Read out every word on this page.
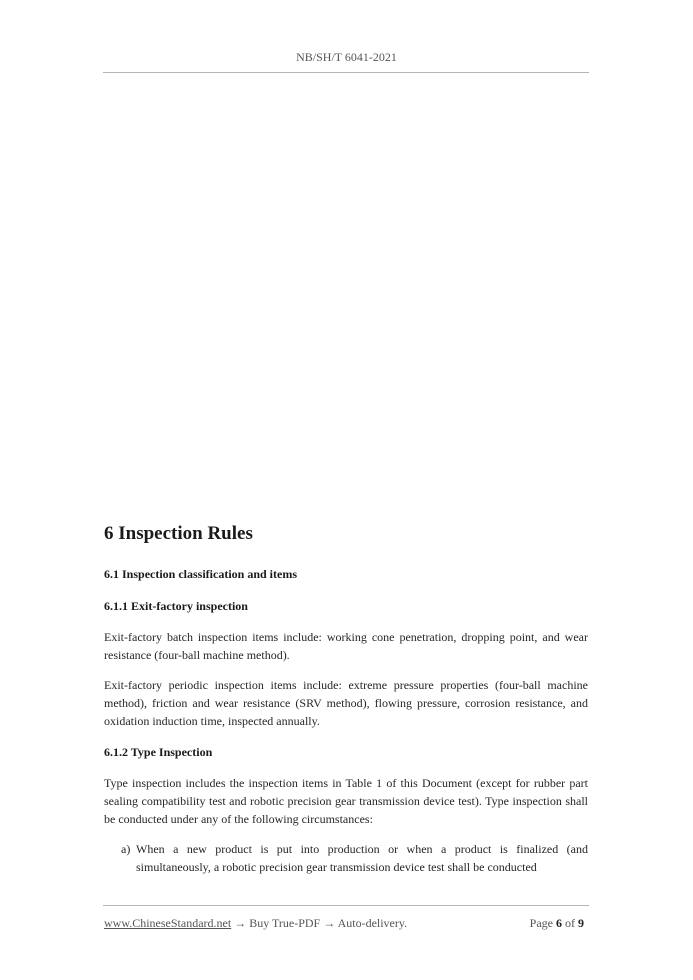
NB/SH/T 6041-2021
6 Inspection Rules
6.1 Inspection classification and items
6.1.1 Exit-factory inspection

Exit-factory batch inspection items include: working cone penetration, dropping point, and wear resistance (four-ball machine method).

Exit-factory periodic inspection items include: extreme pressure properties (four-ball machine method), friction and wear resistance (SRV method), flowing pressure, corrosion resistance, and oxidation induction time, inspected annually.

6.1.2 Type Inspection

Type inspection includes the inspection items in Table 1 of this Document (except for rubber part sealing compatibility test and robotic precision gear transmission device test). Type inspection shall be conducted under any of the following circumstances:

a) When a new product is put into production or when a product is finalized (and simultaneously, a robotic precision gear transmission device test shall be conducted
www.ChineseStandard.net → Buy True-PDF → Auto-delivery.	Page 6 of 9
